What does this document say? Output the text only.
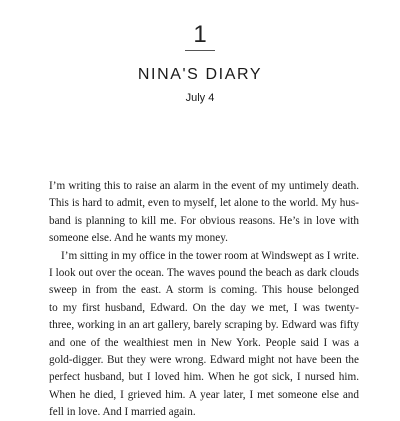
1
NINA'S DIARY
July 4
I’m writing this to raise an alarm in the event of my untimely death.
This is hard to admit, even to myself, let alone to the world. My hus-
band is planning to kill me. For obvious reasons. He’s in love with
someone else. And he wants my money.
I’m sitting in my office in the tower room at Windswept as I write.
I look out over the ocean. The waves pound the beach as dark clouds
sweep in from the east. A storm is coming. This house belonged
to my first husband, Edward. On the day we met, I was twenty-
three, working in an art gallery, barely scraping by. Edward was fifty
and one of the wealthiest men in New York. People said I was a
gold-digger. But they were wrong. Edward might not have been the
perfect husband, but I loved him. When he got sick, I nursed him.
When he died, I grieved him. A year later, I met someone else and
fell in love. And I married again.
